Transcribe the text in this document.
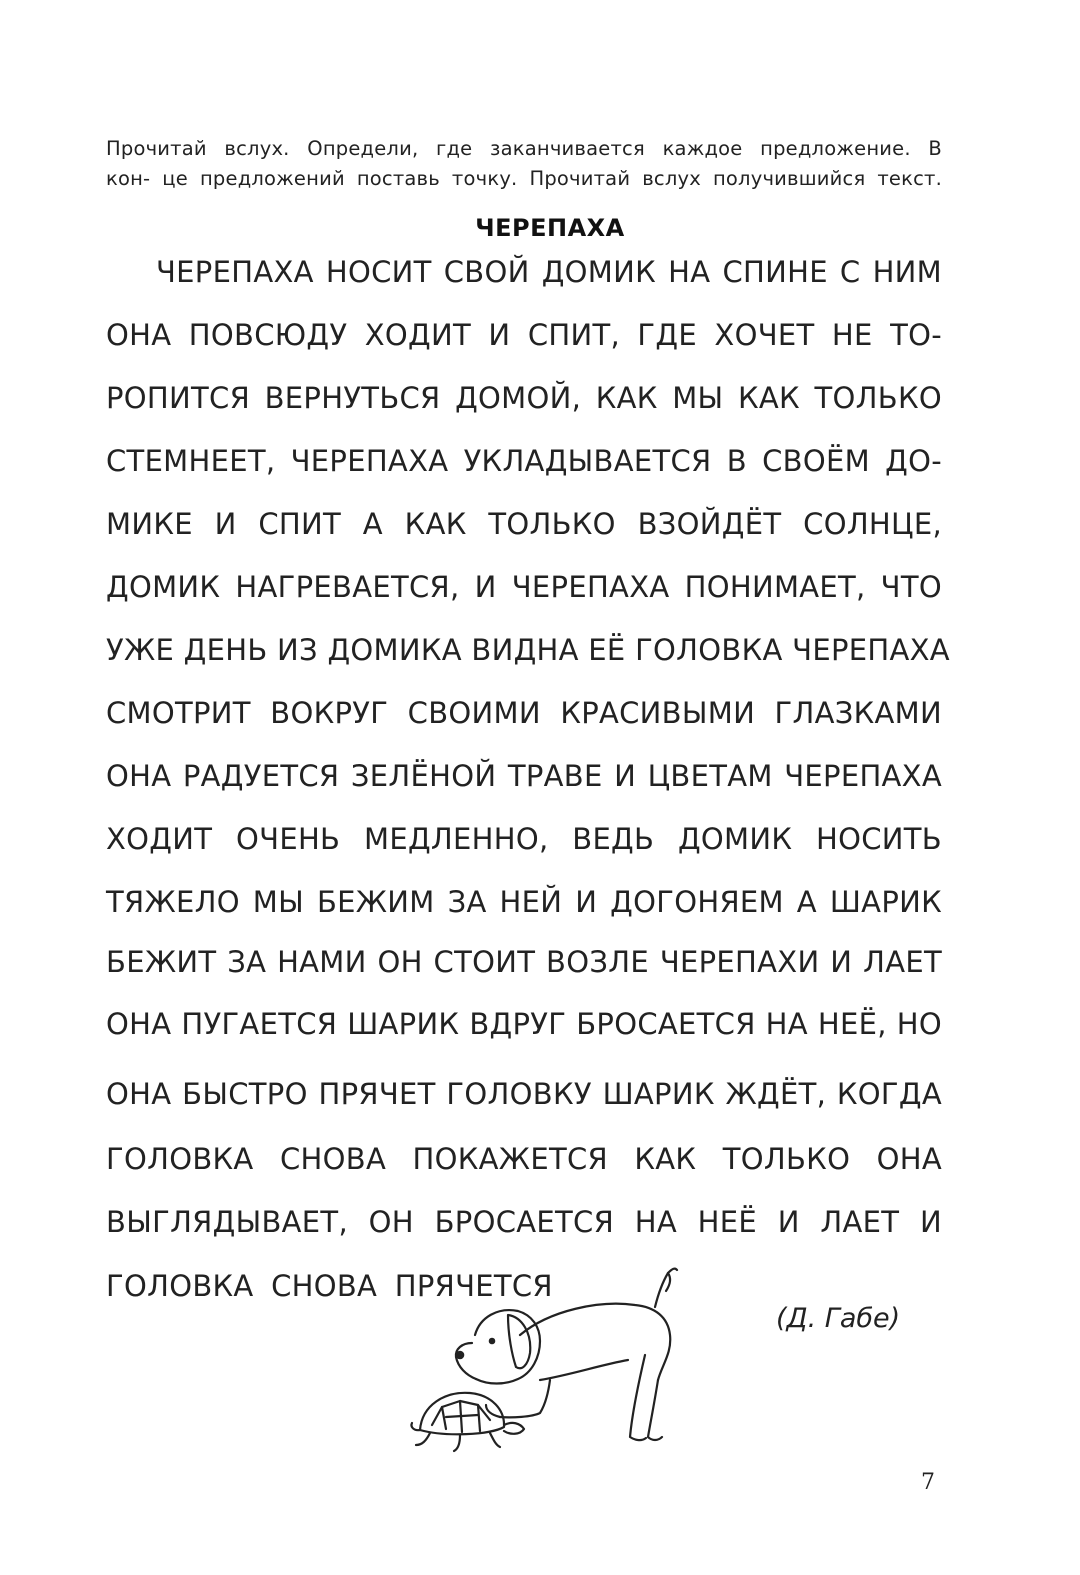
Прочитай вслух. Определи, где заканчивается каждое предложение. В
кон- це предложений поставь точку. Прочитай вслух получившийся текст.
ЧЕРЕПАХА
ЧЕРЕПАХА НОСИТ СВОЙ ДОМИК НА СПИНЕ С НИМ
ОНА ПОВСЮДУ ХОДИТ И СПИТ, ГДЕ ХОЧЕТ НЕ ТО-
РОПИТСЯ ВЕРНУТЬСЯ ДОМОЙ, КАК МЫ КАК ТОЛЬКО
СТЕМНЕЕТ, ЧЕРЕПАХА УКЛАДЫВАЕТСЯ В СВОЁМ ДО-
МИКЕ И СПИТ А КАК ТОЛЬКО ВЗОЙДЁТ СОЛНЦЕ,
ДОМИК НАГРЕВАЕТСЯ, И ЧЕРЕПАХА ПОНИМАЕТ, ЧТО
УЖЕ ДЕНЬ ИЗ ДОМИКА ВИДНА ЕЁ ГОЛОВКА ЧЕРЕПАХА
СМОТРИТ ВОКРУГ СВОИМИ КРАСИВЫМИ ГЛАЗКАМИ
ОНА РАДУЕТСЯ ЗЕЛЁНОЙ ТРАВЕ И ЦВЕТАМ ЧЕРЕПАХА
ХОДИТ ОЧЕНЬ МЕДЛЕННО, ВЕДЬ ДОМИК НОСИТЬ
ТЯЖЕЛО МЫ БЕЖИМ ЗА НЕЙ И ДОГОНЯЕМ А ШАРИК
БЕЖИТ ЗА НАМИ ОН СТОИТ ВОЗЛЕ ЧЕРЕПАХИ И ЛАЕТ
ОНА ПУГАЕТСЯ ШАРИК ВДРУГ БРОСАЕТСЯ НА НЕЁ, НО
ОНА БЫСТРО ПРЯЧЕТ ГОЛОВКУ ШАРИК ЖДЁТ, КОГДА
ГОЛОВКА СНОВА ПОКАЖЕТСЯ КАК ТОЛЬКО ОНА
ВЫГЛЯДЫВАЕТ, ОН БРОСАЕТСЯ НА НЕЁ И ЛАЕТ И
ГОЛОВКА СНОВА ПРЯЧЕТСЯ
(Д. Габе)
7
